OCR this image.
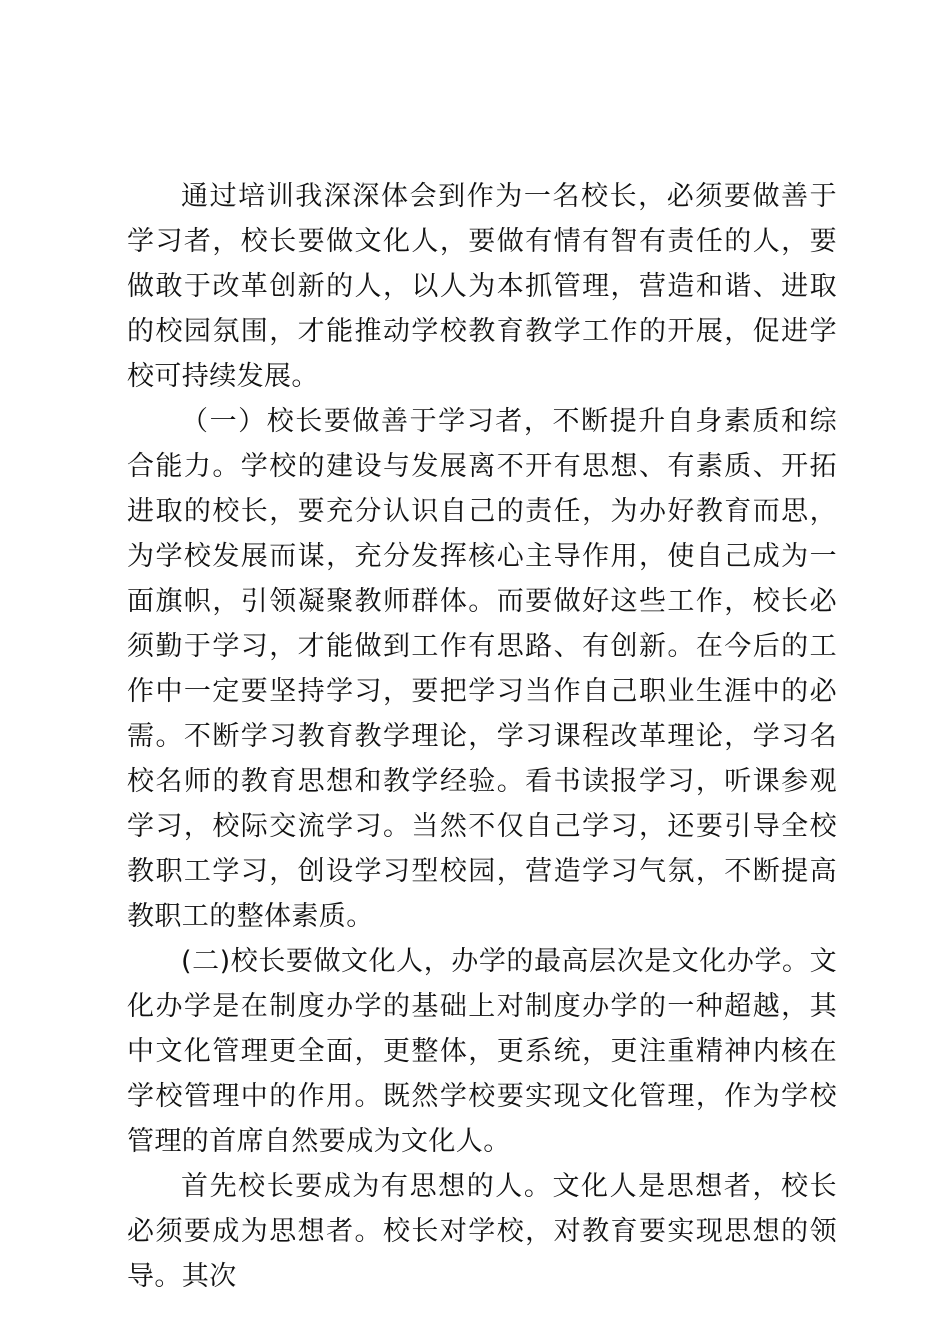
通过培训我深深体会到作为一名校长，必须要做善于学习者，校长要做文化人，要做有情有智有责任的人，要做敢于改革创新的人，以人为本抓管理，营造和谐、进取的校园氛围，才能推动学校教育教学工作的开展，促进学校可持续发展。

（一）校长要做善于学习者，不断提升自身素质和综合能力。学校的建设与发展离不开有思想、有素质、开拓进取的校长，要充分认识自己的责任，为办好教育而思，为学校发展而谋，充分发挥核心主导作用，使自己成为一面旗帜，引领凝聚教师群体。而要做好这些工作，校长必须勤于学习，才能做到工作有思路、有创新。在今后的工作中一定要坚持学习，要把学习当作自己职业生涯中的必需。不断学习教育教学理论，学习课程改革理论，学习名校名师的教育思想和教学经验。看书读报学习，听课参观学习，校际交流学习。当然不仅自己学习，还要引导全校教职工学习，创设学习型校园，营造学习气氛，不断提高教职工的整体素质。

(二)校长要做文化人，办学的最高层次是文化办学。文化办学是在制度办学的基础上对制度办学的一种超越，其中文化管理更全面，更整体，更系统，更注重精神内核在学校管理中的作用。既然学校要实现文化管理，作为学校管理的首席自然要成为文化人。

首先校长要成为有思想的人。文化人是思想者，校长必须要成为思想者。校长对学校，对教育要实现思想的领导。其次
